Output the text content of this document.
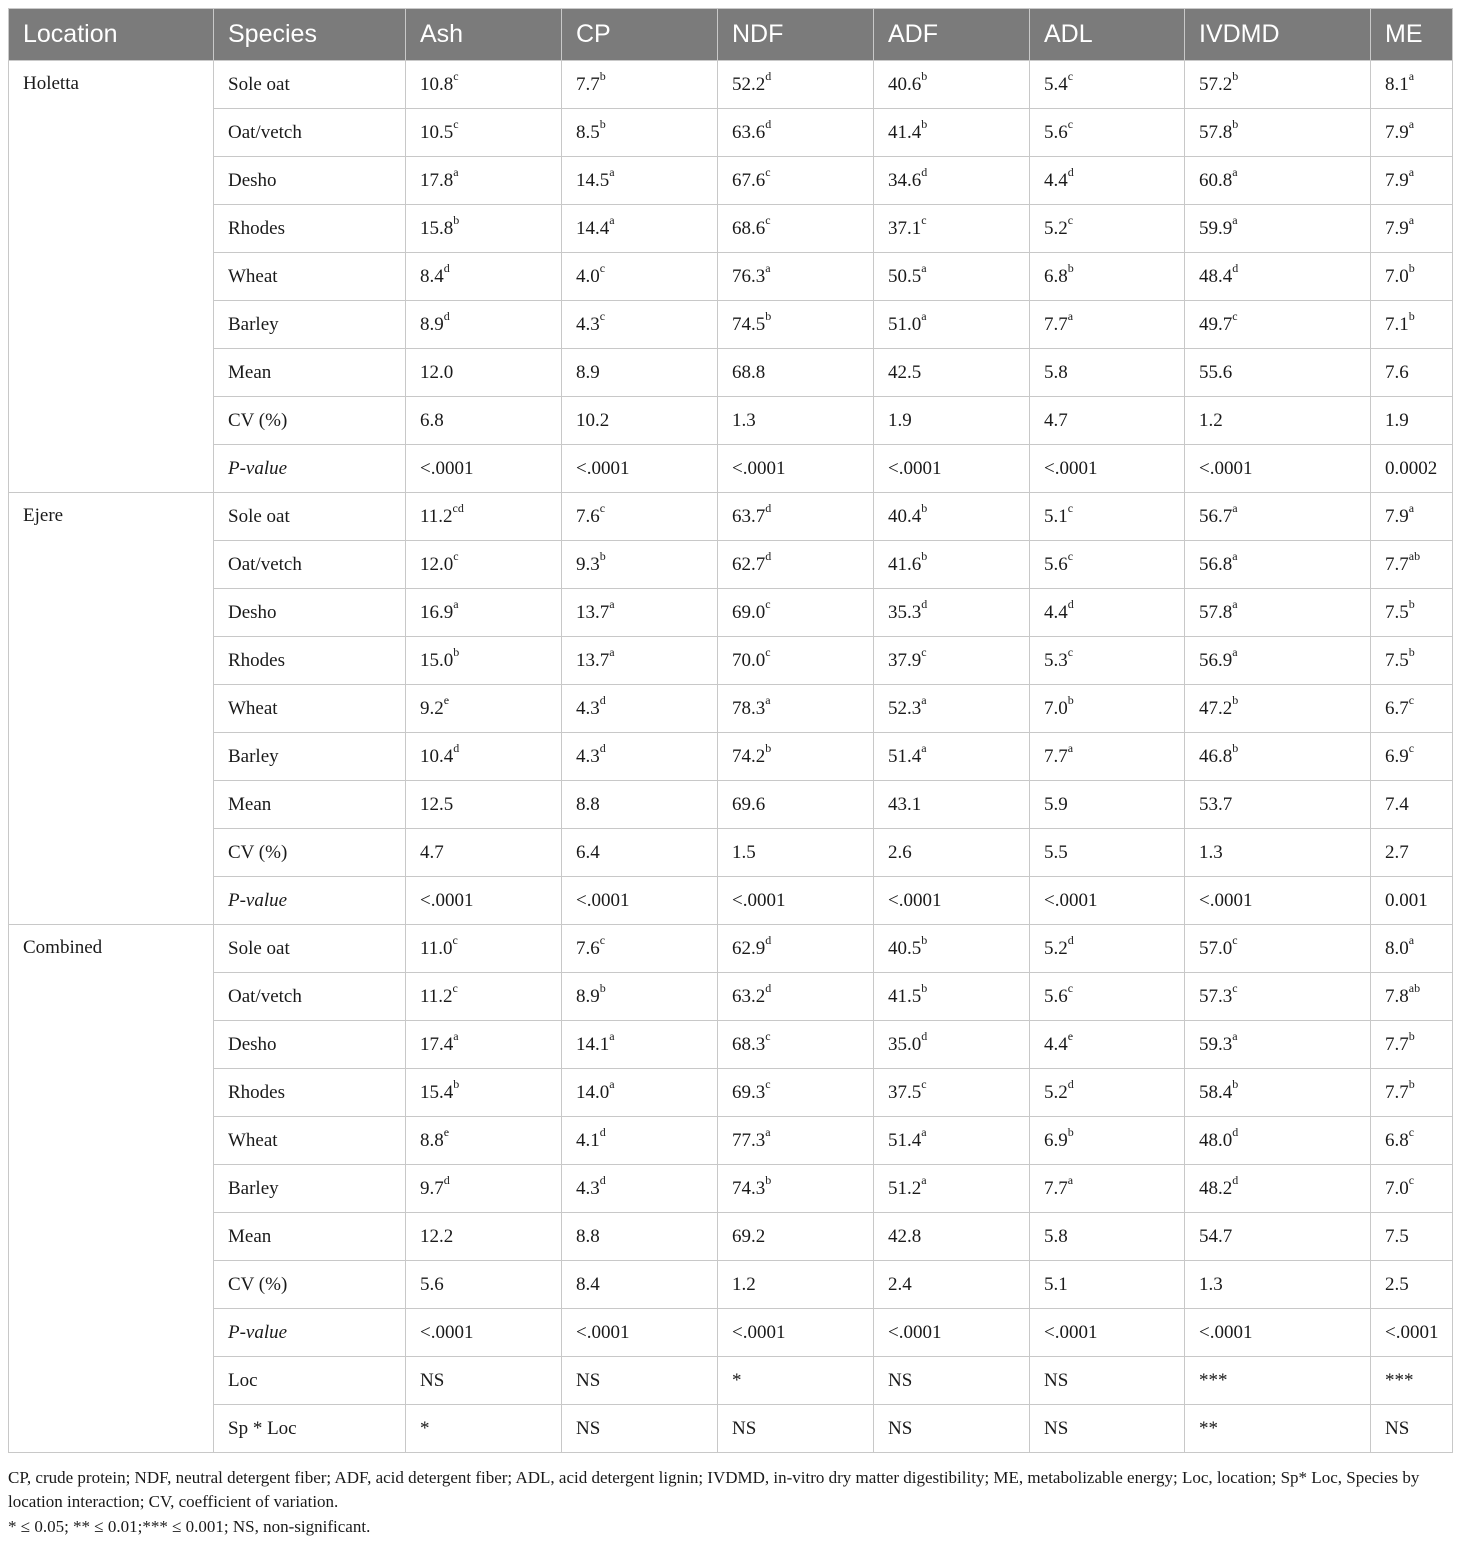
Location	Species	Ash	CP	NDF	ADF	ADL	IVDMD	ME
Holetta	Sole oat	10.8$^c$	7.7$^b$	52.2$^d$	40.6$^b$	5.4$^c$	57.2$^b$	8.1$^a$
	Oat/vetch	10.5$^c$	8.5$^b$	63.6$^d$	41.4$^b$	5.6$^c$	57.8$^b$	7.9$^a$
	Desho	17.8$^a$	14.5$^a$	67.6$^c$	34.6$^d$	4.4$^d$	60.8$^a$	7.9$^a$
	Rhodes	15.8$^b$	14.4$^a$	68.6$^c$	37.1$^c$	5.2$^c$	59.9$^a$	7.9$^a$
	Wheat	8.4$^d$	4.0$^c$	76.3$^a$	50.5$^a$	6.8$^b$	48.4$^d$	7.0$^b$
	Barley	8.9$^d$	4.3$^c$	74.5$^b$	51.0$^a$	7.7$^a$	49.7$^c$	7.1$^b$
	Mean	12.0	8.9	68.8	42.5	5.8	55.6	7.6
	CV (%)	6.8	10.2	1.3	1.9	4.7	1.2	1.9
	P-value	<.0001	<.0001	<.0001	<.0001	<.0001	<.0001	0.0002
Ejere	Sole oat	11.2$^{cd}$	7.6$^c$	63.7$^d$	40.4$^b$	5.1$^c$	56.7$^a$	7.9$^a$
	Oat/vetch	12.0$^c$	9.3$^b$	62.7$^d$	41.6$^b$	5.6$^c$	56.8$^a$	7.7$^{ab}$
	Desho	16.9$^a$	13.7$^a$	69.0$^c$	35.3$^d$	4.4$^d$	57.8$^a$	7.5$^b$
	Rhodes	15.0$^b$	13.7$^a$	70.0$^c$	37.9$^c$	5.3$^c$	56.9$^a$	7.5$^b$
	Wheat	9.2e	4.3$^d$	78.3$^a$	52.3$^a$	7.0$^b$	47.2$^b$	6.7$^c$
	Barley	10.4$^d$	4.3$^d$	74.2$^b$	51.4$^a$	7.7$^a$	46.8$^b$	6.9$^c$
	Mean	12.5	8.8	69.6	43.1	5.9	53.7	7.4
	CV (%)	4.7	6.4	1.5	2.6	5.5	1.3	2.7
	P-value	<.0001	<.0001	<.0001	<.0001	<.0001	<.0001	0.001
Combined	Sole oat	11.0$^c$	7.6$^c$	62.9$^d$	40.5$^b$	5.2$^d$	57.0$^c$	8.0$^a$
	Oat/vetch	11.2$^c$	8.9$^b$	63.2$^d$	41.5$^b$	5.6$^c$	57.3$^c$	7.8$^{ab}$
	Desho	17.4$^a$	14.1$^a$	68.3$^c$	35.0$^d$	4.4e	59.3$^a$	7.7$^b$
	Rhodes	15.4$^b$	14.0$^a$	69.3$^c$	37.5$^c$	5.2$^d$	58.4$^b$	7.7$^b$
	Wheat	8.8e	4.1$^d$	77.3$^a$	51.4$^a$	6.9$^b$	48.0$^d$	6.8$^c$
	Barley	9.7$^d$	4.3$^d$	74.3$^b$	51.2$^a$	7.7$^a$	48.2$^d$	7.0$^c$
	Mean	12.2	8.8	69.2	42.8	5.8	54.7	7.5
	CV (%)	5.6	8.4	1.2	2.4	5.1	1.3	2.5
	P-value	<.0001	<.0001	<.0001	<.0001	<.0001	<.0001	<.0001
	Loc	NS	NS	*	NS	NS	***	***
	Sp * Loc	*	NS	NS	NS	NS	**	NS
CP, crude protein; NDF, neutral detergent fiber; ADF, acid detergent fiber; ADL, acid detergent lignin; IVDMD, in-vitro dry matter digestibility; ME, metabolizable energy; Loc, location; Sp* Loc, Species by location interaction; CV, coefficient of variation.
* ≤ 0.05; ** ≤ 0.01;*** ≤ 0.001; NS, non-significant.
